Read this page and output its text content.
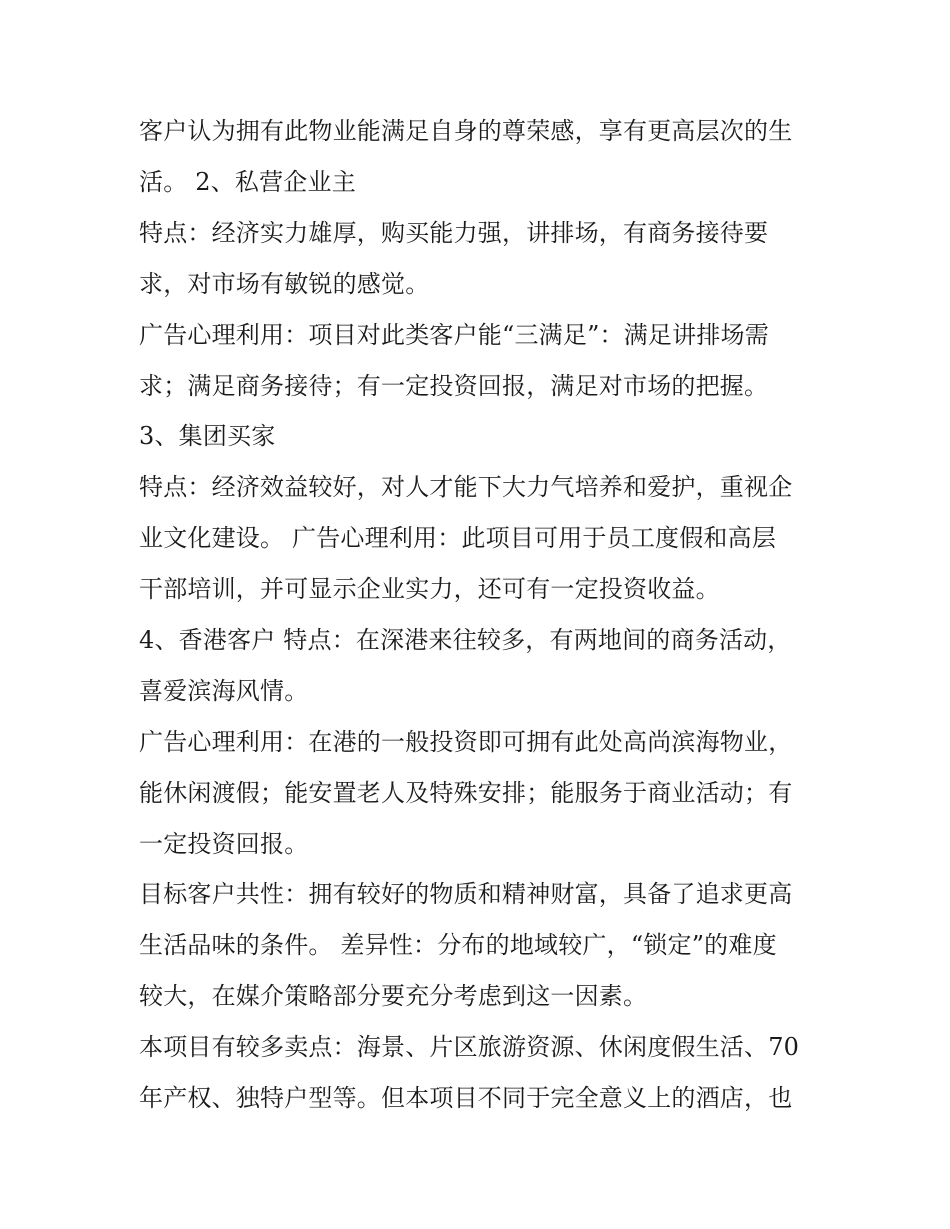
客户认为拥有此物业能满足自身的尊荣感，享有更高层次的生
活。 2、私营企业主
特点：经济实力雄厚，购买能力强，讲排场，有商务接待要
求，对市场有敏锐的感觉。
广告心理利用：项目对此类客户能“三满足”：满足讲排场需
求；满足商务接待；有一定投资回报，满足对市场的把握。
3、集团买家
特点：经济效益较好，对人才能下大力气培养和爱护，重视企
业文化建设。 广告心理利用：此项目可用于员工度假和高层
干部培训，并可显示企业实力，还可有一定投资收益。
4、香港客户 特点：在深港来往较多，有两地间的商务活动，
喜爱滨海风情。
广告心理利用：在港的一般投资即可拥有此处高尚滨海物业，
能休闲渡假；能安置老人及特殊安排；能服务于商业活动；有
一定投资回报。
目标客户共性：拥有较好的物质和精神财富，具备了追求更高
生活品味的条件。 差异性：分布的地域较广，“锁定”的难度
较大，在媒介策略部分要充分考虑到这一因素。
本项目有较多卖点：海景、片区旅游资源、休闲度假生活、70
年产权、独特户型等。但本项目不同于完全意义上的酒店，也
